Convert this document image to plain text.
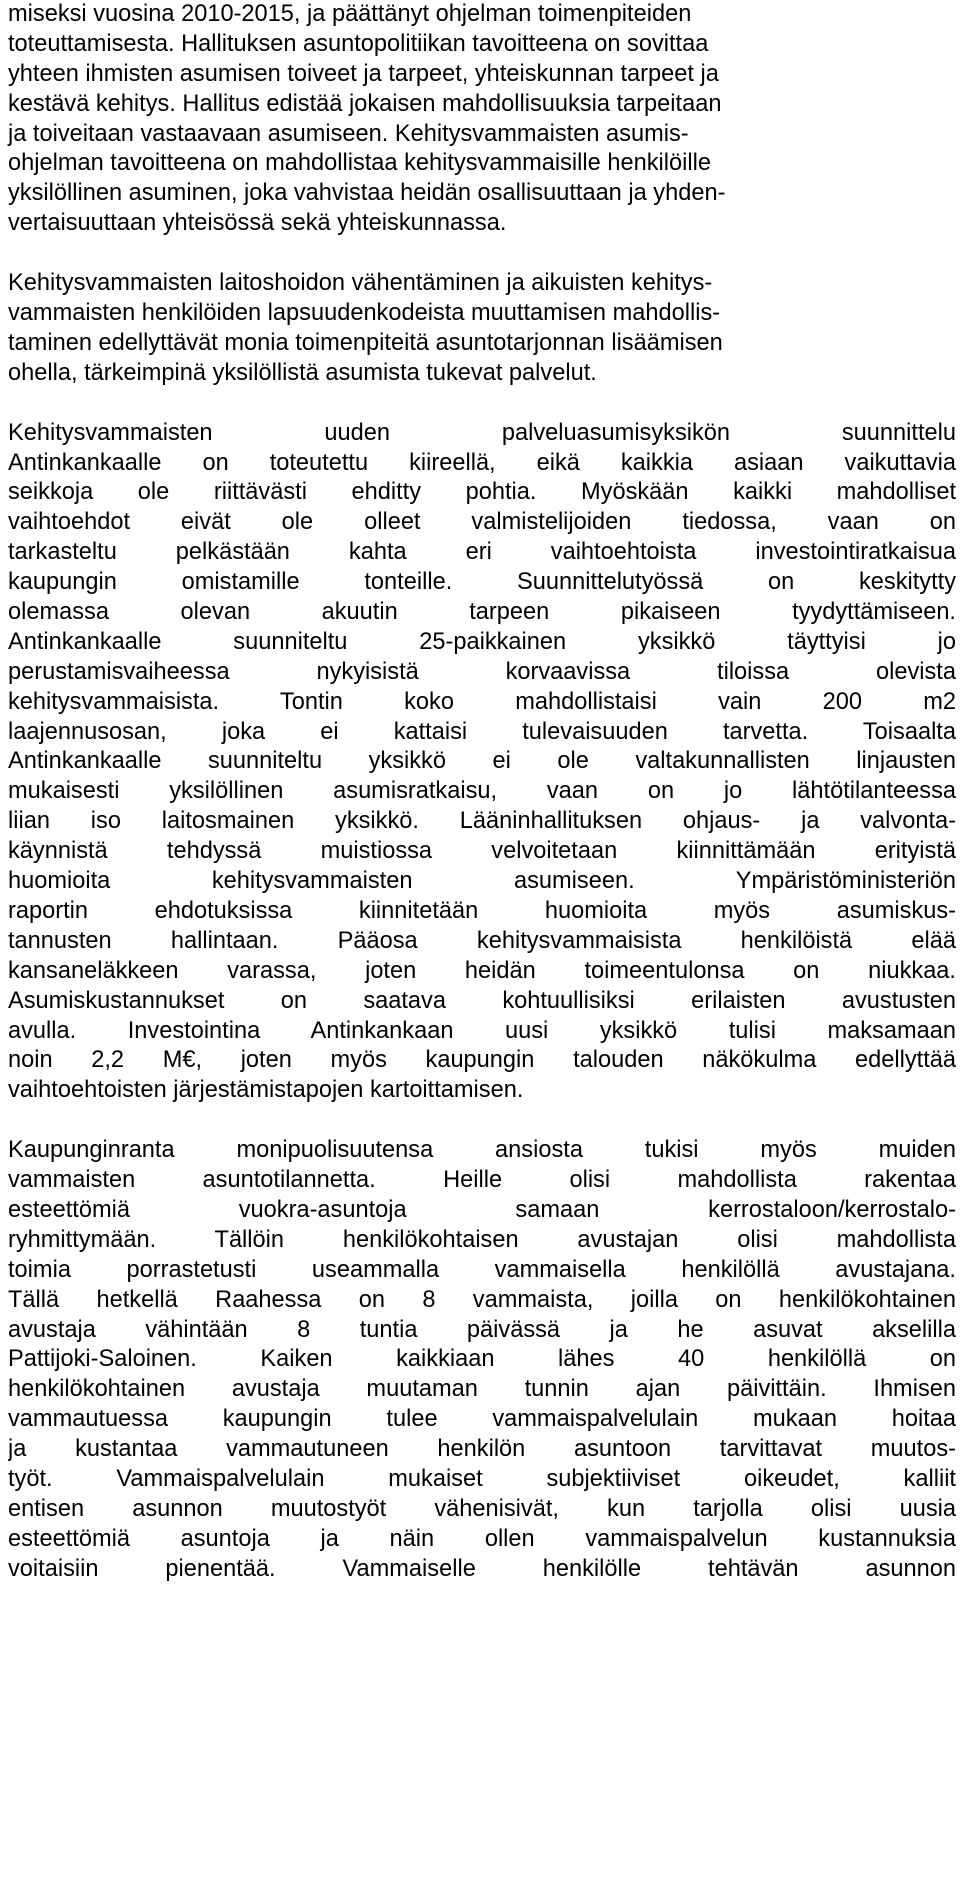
miseksi vuosina 2010-2015, ja päättänyt ohjelman toimenpiteiden
toteuttamisesta. Hallituksen asuntopolitiikan tavoitteena on sovittaa
yhteen ihmisten asumisen toiveet ja tarpeet, yhteiskunnan tarpeet ja
kestävä kehitys. Hallitus edistää jokaisen mahdollisuuksia tarpeitaan
ja toiveitaan vastaavaan asumiseen. Kehitysvammaisten asumis-
ohjelman tavoitteena on mahdollistaa kehitysvammaisille henkilöille
yksilöllinen asuminen, joka vahvistaa heidän osallisuuttaan ja yhden-
vertaisuuttaan yhteisössä sekä yhteiskunnassa.
Kehitysvammaisten laitoshoidon vähentäminen ja aikuisten kehitys-
vammaisten henkilöiden lapsuudenkodeista muuttamisen mahdollis-
taminen edellyttävät monia toimenpiteitä asuntotarjonnan lisäämisen
ohella, tärkeimpinä yksilöllistä asumista tukevat palvelut.
Kehitysvammaisten uuden palveluasumisyksikön suunnittelu
Antinkankaalle on toteutettu kiireellä, eikä kaikkia asiaan vaikuttavia
seikkoja ole riittävästi ehditty pohtia. Myöskään kaikki mahdolliset
vaihtoehdot eivät ole olleet valmistelijoiden tiedossa, vaan on
tarkasteltu pelkästään kahta eri vaihtoehtoista investointiratkaisua
kaupungin omistamille tonteille. Suunnittelutyössä on keskitytty
olemassa olevan akuutin tarpeen pikaiseen tyydyttämiseen.
Antinkankaalle suunniteltu 25-paikkainen yksikkö täyttyisi jo
perustamisvaiheessa nykyisistä korvaavissa tiloissa olevista
kehitysvammaisista. Tontin koko mahdollistaisi vain 200 m2
laajennusosan, joka ei kattaisi tulevaisuuden tarvetta. Toisaalta
Antinkankaalle suunniteltu yksikkö ei ole valtakunnallisten linjausten
mukaisesti yksilöllinen asumisratkaisu, vaan on jo lähtötilanteessa
liian iso laitosmainen yksikkö. Lääninhallituksen ohjaus- ja valvonta-
käynnistä tehdyssä muistiossa velvoitetaan kiinnittämään erityistä
huomioita kehitysvammaisten asumiseen. Ympäristöministeriön
raportin ehdotuksissa kiinnitetään huomioita myös asumiskus-
tannusten hallintaan. Pääosa kehitysvammaisista henkilöistä elää
kansaneläkkeen varassa, joten heidän toimeentulonsa on niukkaa.
Asumiskustannukset on saatava kohtuullisiksi erilaisten avustusten
avulla. Investointina Antinkankaan uusi yksikkö tulisi maksamaan
noin 2,2 M€, joten myös kaupungin talouden näkökulma edellyttää
vaihtoehtoisten järjestämistapojen kartoittamisen.
Kaupunginranta monipuolisuutensa ansiosta tukisi myös muiden
vammaisten asuntotilannetta. Heille olisi mahdollista rakentaa
esteettömiä vuokra-asuntoja samaan kerrostaloon/kerrostalo-
ryhmittymään. Tällöin henkilökohtaisen avustajan olisi mahdollista
toimia porrastetusti useammalla vammaisella henkilöllä avustajana.
Tällä hetkellä Raahessa on 8 vammaista, joilla on henkilökohtainen
avustaja vähintään 8 tuntia päivässä ja he asuvat akselilla
Pattijoki-Saloinen. Kaiken kaikkiaan lähes 40 henkilöllä on
henkilökohtainen avustaja muutaman tunnin ajan päivittäin. Ihmisen
vammautuessa kaupungin tulee vammaispalvelulain mukaan hoitaa
ja kustantaa vammautuneen henkilön asuntoon tarvittavat muutos-
työt. Vammaispalvelulain mukaiset subjektiiviset oikeudet, kalliit
entisen asunnon muutostyöt vähenisivät, kun tarjolla olisi uusia
esteettömiä asuntoja ja näin ollen vammaispalvelun kustannuksia
voitaisiin pienentää. Vammaiselle henkilölle tehtävän asunnon
